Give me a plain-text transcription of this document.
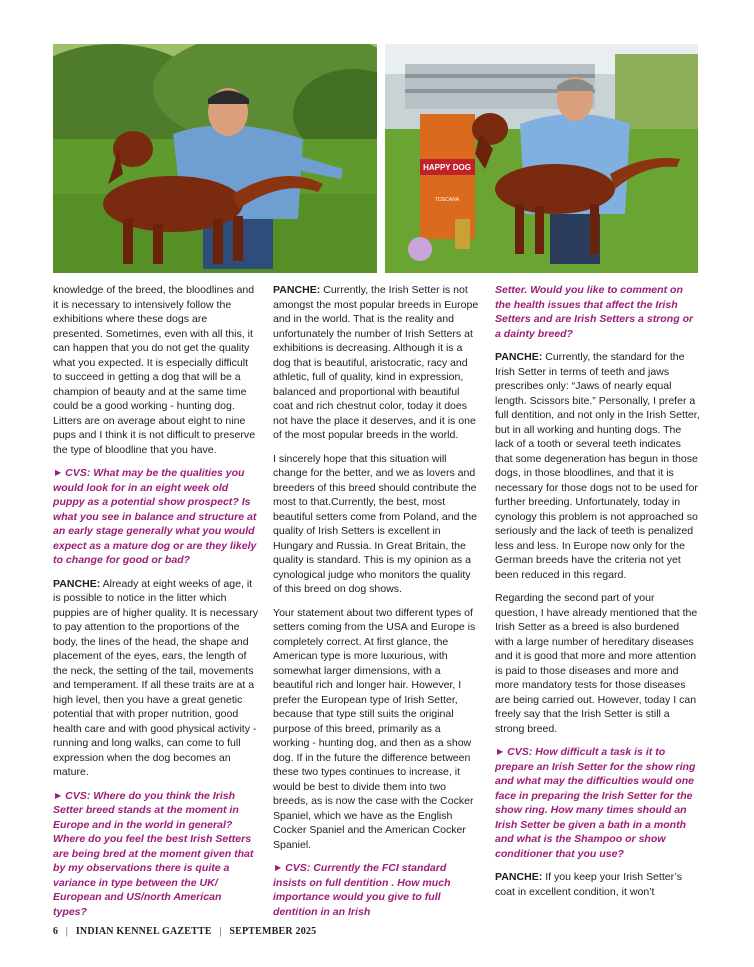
HAPPY DOG
TOSCANA

knowledge of the breed, the bloodlines and it is necessary to intensively follow the exhibitions where these dogs are presented. Sometimes, even with all this, it can happen that you do not get the quality what you expected. It is especially difficult to succeed in getting a dog that will be a champion of beauty and at the same time could be a good working - hunting dog. Litters are on average about eight to nine pups and I think it is not difficult to preserve the type of bloodline that you have.

▶ CVS: What may be the qualities you would look for in an eight week old puppy as a potential show prospect? Is what you see in balance and structure at an early stage generally what you would expect as a mature dog or are they likely to change for good or bad?

PANCHE: Already at eight weeks of age, it is possible to notice in the litter which puppies are of higher quality. It is necessary to pay attention to the proportions of the body, the lines of the head, the shape and placement of the eyes, ears, the length of the neck, the setting of the tail, movements and temperament. If all these traits are at a high level, then you have a great genetic potential that with proper nutrition, good health care and with good physical activity - running and long walks, can come to full expression when the dog becomes an mature.

▶ CVS: Where do you think the Irish Setter breed stands at the moment in Europe and in the world in general? Where do you feel the best Irish Setters are being bred at the moment given that by my observations there is quite a variance in type between the UK/ European and US/north American types?

PANCHE: Currently, the Irish Setter is not amongst the most popular breeds in Europe and in the world. That is the reality and unfortunately the number of Irish Setters at exhibitions is decreasing. Although it is a dog that is beautiful, aristocratic, racy and athletic, full of quality, kind in expression, balanced and proportional with beautiful coat and rich chestnut color, today it does not have the place it deserves, and it is one of the most popular breeds in the world.

I sincerely hope that this situation will change for the better, and we as lovers and breeders of this breed should contribute the most to that.Currently, the best, most beautiful setters come from Poland, and the quality of Irish Setters is excellent in Hungary and Russia. In Great Britain, the quality is standard. This is my opinion as a cynological judge who monitors the quality of this breed on dog shows.

Your statement about two different types of setters coming from the USA and Europe is completely correct. At first glance, the American type is more luxurious, with somewhat larger dimensions, with a beautiful rich and longer hair. However, I prefer the European type of Irish Setter, because that type still suits the original purpose of this breed, primarily as a working - hunting dog, and then as a show dog. If in the future the difference between these two types continues to increase, it would be best to divide them into two breeds, as is now the case with the Cocker Spaniel, which we have as the English Cocker Spaniel and the American Cocker Spaniel.

▶ CVS: Currently the FCI standard insists on full dentition . How much importance would you give to full dentition in an Irish

Setter. Would you like to comment on the health issues that affect the Irish Setters and are Irish Setters a strong or a dainty breed?

PANCHE: Currently, the standard for the Irish Setter in terms of teeth and jaws prescribes only: “Jaws of nearly equal length. Scissors bite.” Personally, I prefer a full dentition, and not only in the Irish Setter, but in all working and hunting dogs. The lack of a tooth or several teeth indicates that some degeneration has begun in those dogs, in those bloodlines, and that it is necessary for those dogs not to be used for further breeding. Unfortunately, today in cynology this problem is not approached so seriously and the lack of teeth is penalized less and less. In Europe now only for the German breeds have the criteria not yet been reduced in this regard.

Regarding the second part of your question, I have already mentioned that the Irish Setter as a breed is also burdened with a large number of hereditary diseases and it is good that more and more attention is paid to those diseases and more and more mandatory tests for those diseases are being carried out. However, today I can freely say that the Irish Setter is still a strong breed.

▶ CVS: How difficult a task is it to prepare an Irish Setter for the show ring and what may the difficulties would one face in preparing the Irish Setter for the show ring. How many times should an Irish Setter be given a bath in a month and what is the Shampoo or show conditioner that you use?

PANCHE: If you keep your Irish Setter’s coat in excellent condition, it won’t

6 | INDIAN KENNEL GAZETTE | SEPTEMBER 2025
